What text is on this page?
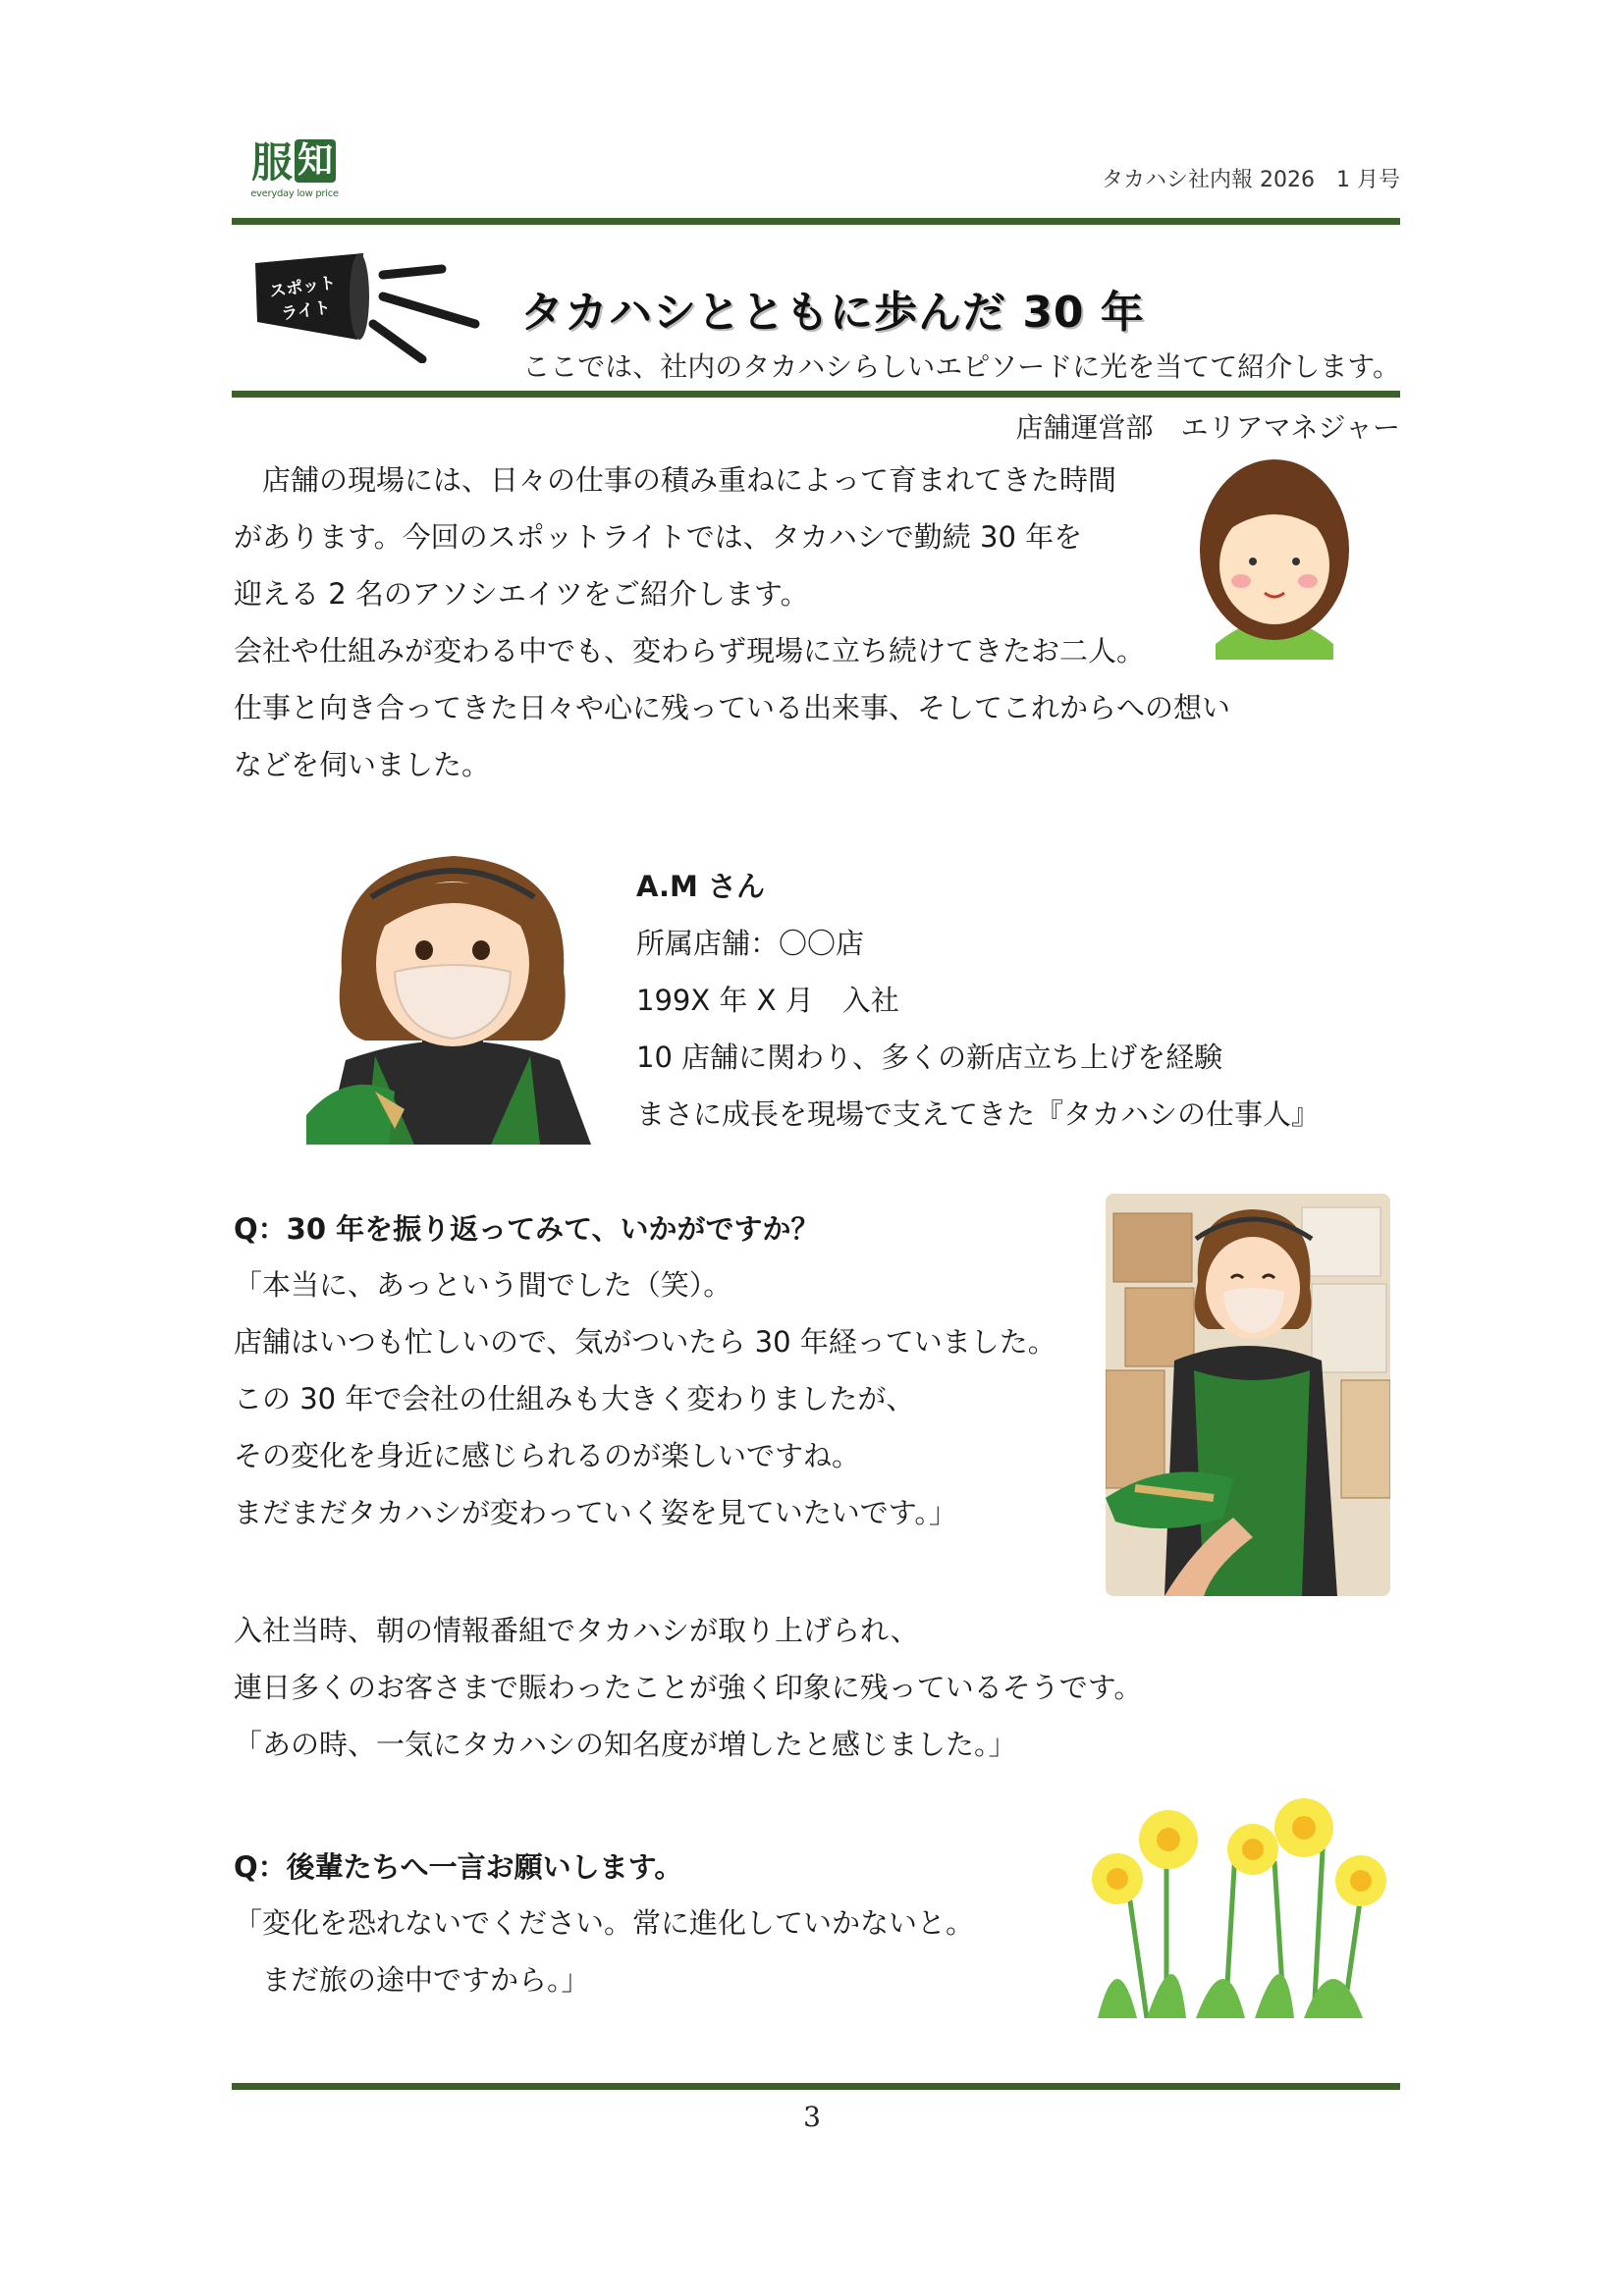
服 知
everyday low price
タカハシ社内報 2026　1 月号
スポット
ライト	タカハシとともに歩んだ 30 年
ここでは、社内のタカハシらしいエピソードに光を当てて紹介します。
店舗運営部　エリアマネジャー
　店舗の現場には、日々の仕事の積み重ねによって育まれてきた時間
があります。今回のスポットライトでは、タカハシで勤続 30 年を
迎える 2 名のアソシエイツをご紹介します。
会社や仕組みが変わる中でも、変わらず現場に立ち続けてきたお二人。
仕事と向き合ってきた日々や心に残っている出来事、そしてこれからへの想い
などを伺いました。
A.M さん
所属店舗：〇〇店
199X 年 X 月　入社
10 店舗に関わり、多くの新店立ち上げを経験
まさに成長を現場で支えてきた『タカハシの仕事人』
Q：30 年を振り返ってみて、いかがですか？
「本当に、あっという間でした（笑）。
店舗はいつも忙しいので、気がついたら 30 年経っていました。
この 30 年で会社の仕組みも大きく変わりましたが、
その変化を身近に感じられるのが楽しいですね。
まだまだタカハシが変わっていく姿を見ていたいです。」
入社当時、朝の情報番組でタカハシが取り上げられ、
連日多くのお客さまで賑わったことが強く印象に残っているそうです。
「あの時、一気にタカハシの知名度が増したと感じました。」
Q：後輩たちへ一言お願いします。
「変化を恐れないでください。常に進化していかないと。
　まだ旅の途中ですから。」
3
